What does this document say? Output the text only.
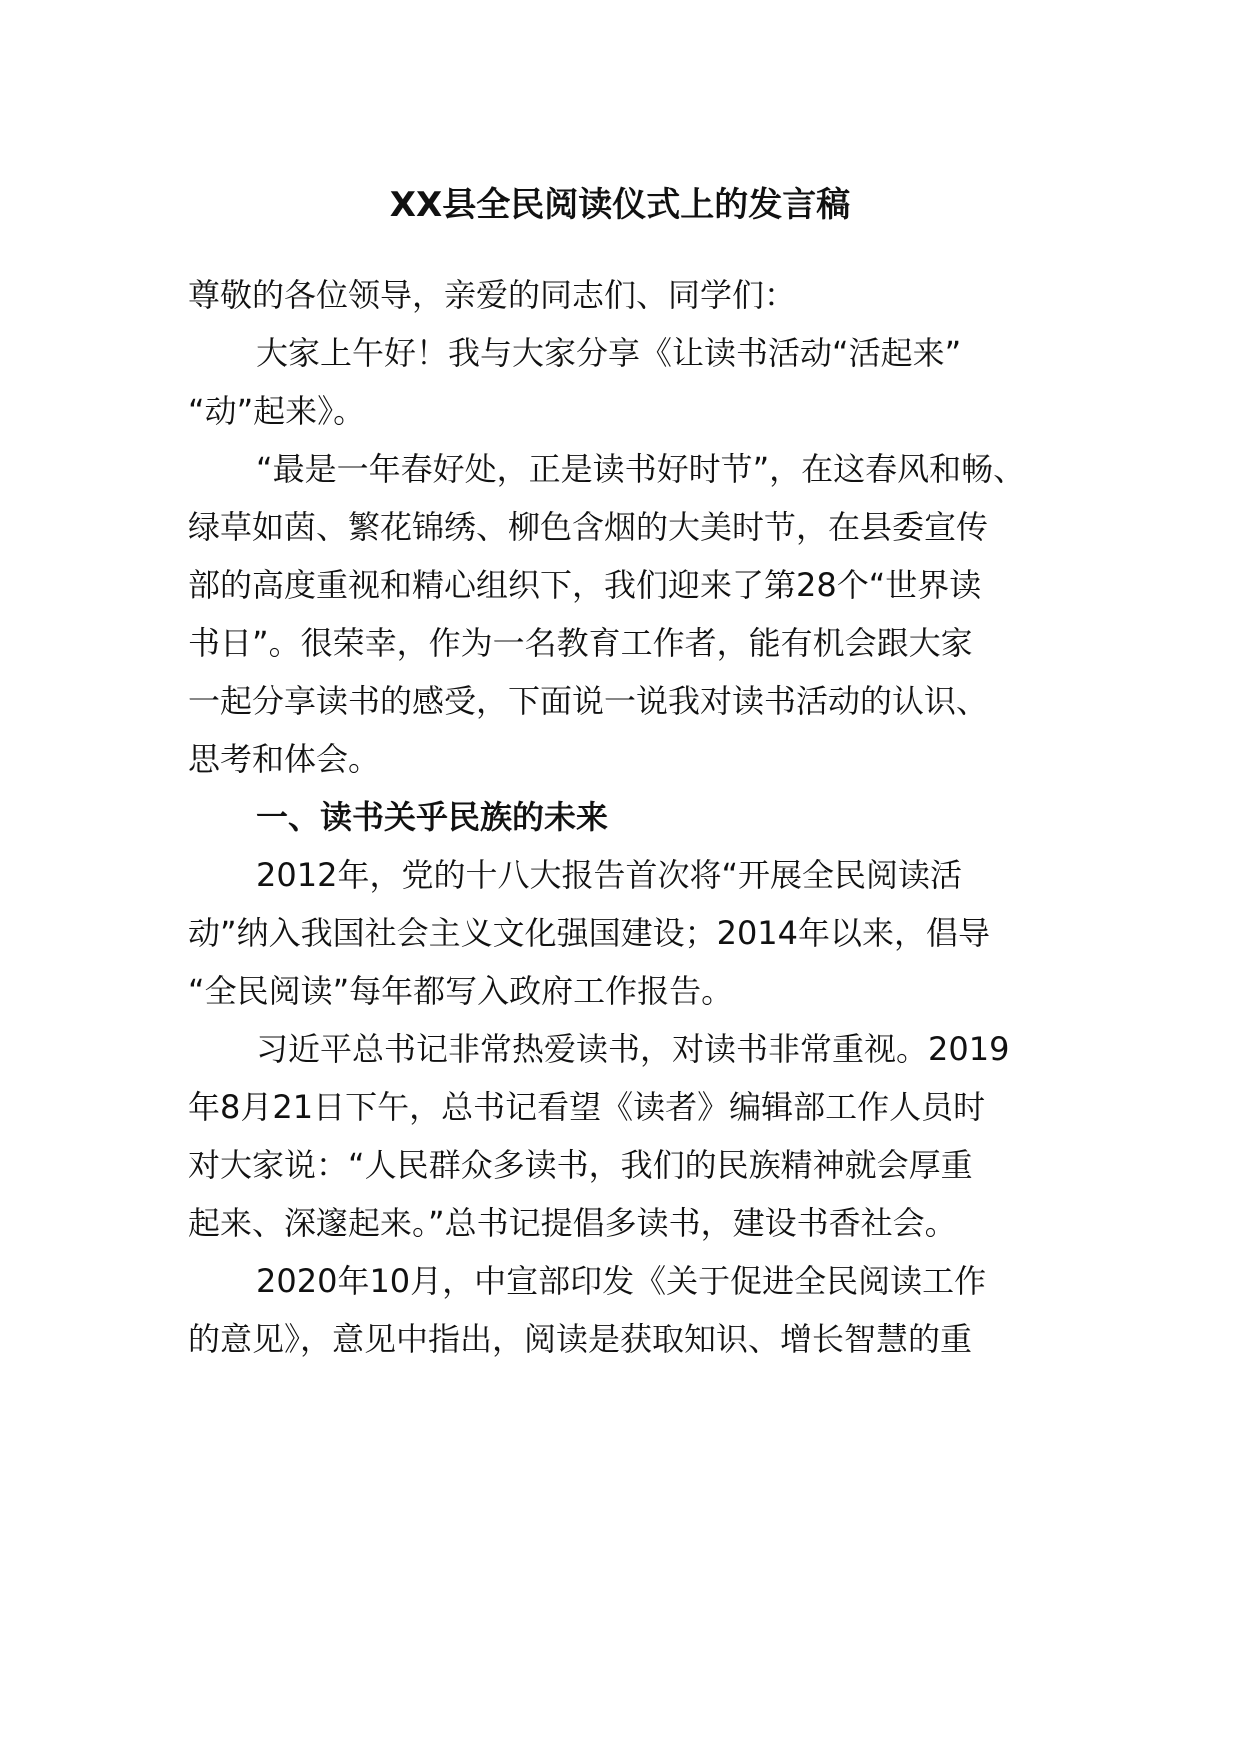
XX县全民阅读仪式上的发言稿
尊敬的各位领导，亲爱的同志们、同学们：
大家上午好！我与大家分享《让读书活动“活起来”
“动”起来》。
“最是一年春好处，正是读书好时节”，在这春风和畅、
绿草如茵、繁花锦绣、柳色含烟的大美时节，在县委宣传
部的高度重视和精心组织下，我们迎来了第28个“世界读
书日”。很荣幸，作为一名教育工作者，能有机会跟大家
一起分享读书的感受，下面说一说我对读书活动的认识、
思考和体会。
一、读书关乎民族的未来
2012年，党的十八大报告首次将“开展全民阅读活
动”纳入我国社会主义文化强国建设；2014年以来，倡导
“全民阅读”每年都写入政府工作报告。
习近平总书记非常热爱读书，对读书非常重视。2019
年8月21日下午，总书记看望《读者》编辑部工作人员时
对大家说：“人民群众多读书，我们的民族精神就会厚重
起来、深邃起来。”总书记提倡多读书，建设书香社会。
2020年10月，中宣部印发《关于促进全民阅读工作
的意见》，意见中指出，阅读是获取知识、增长智慧的重
